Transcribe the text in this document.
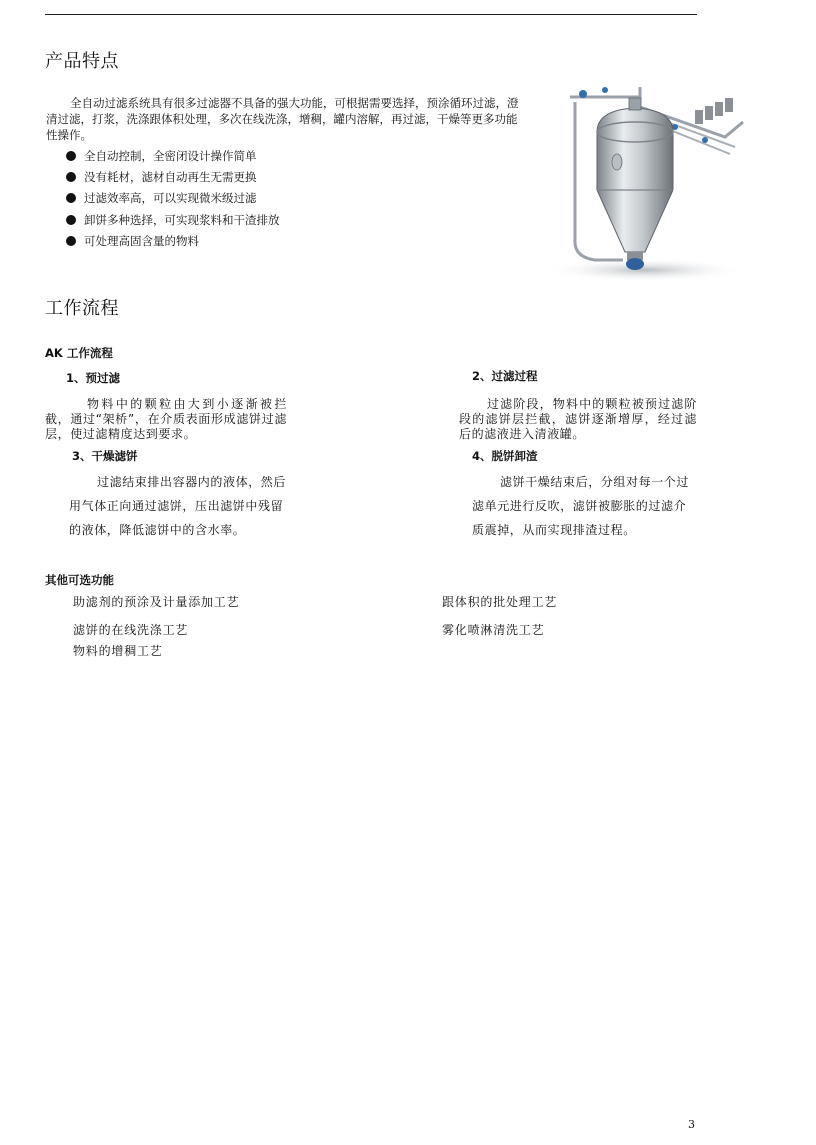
产品特点
全自动过滤系统具有很多过滤器不具备的强大功能，可根据需要选择，预涂循环过滤，澄清过滤，打浆，洗涤跟体积处理，多次在线洗涤，增稠，罐内溶解，再过滤，干燥等更多功能性操作。
全自动控制，全密闭设计操作简单
没有耗材，滤材自动再生无需更换
过滤效率高，可以实现微米级过滤
卸饼多种选择，可实现浆料和干渣排放
可处理高固含量的物料
工作流程
AK 工作流程
1、预过滤
物料中的颗粒由大到小逐渐被拦截，通过“架桥”，在介质表面形成滤饼过滤层，使过滤精度达到要求。
2、过滤过程
过滤阶段，物料中的颗粒被预过滤阶段的滤饼层拦截，滤饼逐渐增厚，经过滤后的滤液进入清液罐。
3、干燥滤饼
过滤结束排出容器内的液体，然后用气体正向通过滤饼，压出滤饼中残留的液体，降低滤饼中的含水率。
4、脱饼卸渣
滤饼干燥结束后，分组对每一个过滤单元进行反吹，滤饼被膨胀的过滤介质震掉，从而实现排渣过程。
其他可选功能
助滤剂的预涂及计量添加工艺	跟体积的批处理工艺
滤饼的在线洗涤工艺	雾化喷淋清洗工艺
物料的增稠工艺
3
